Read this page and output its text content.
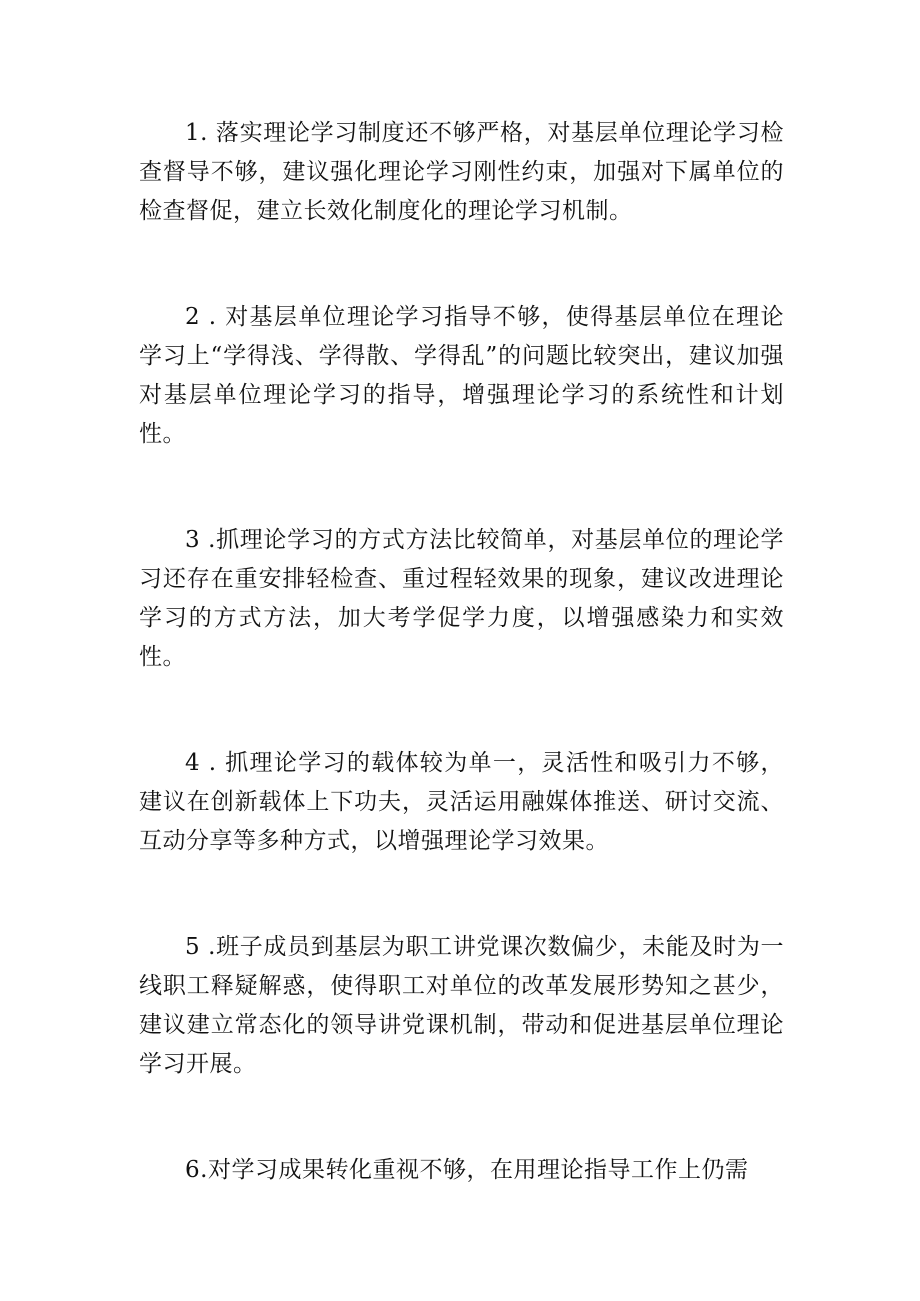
1. 落实理论学习制度还不够严格，对基层单位理论学习检查督导不够，建议强化理论学习刚性约束，加强对下属单位的检查督促，建立长效化制度化的理论学习机制。

2 . 对基层单位理论学习指导不够，使得基层单位在理论学习上“学得浅、学得散、学得乱”的问题比较突出，建议加强对基层单位理论学习的指导，增强理论学习的系统性和计划性。

3 .抓理论学习的方式方法比较简单，对基层单位的理论学习还存在重安排轻检查、重过程轻效果的现象，建议改进理论学习的方式方法，加大考学促学力度，以增强感染力和实效性。

4 . 抓理论学习的载体较为单一，灵活性和吸引力不够，建议在创新载体上下功夫，灵活运用融媒体推送、研讨交流、互动分享等多种方式，以增强理论学习效果。

5 .班子成员到基层为职工讲党课次数偏少，未能及时为一线职工释疑解惑，使得职工对单位的改革发展形势知之甚少，建议建立常态化的领导讲党课机制，带动和促进基层单位理论学习开展。

6.对学习成果转化重视不够，在用理论指导工作上仍需
